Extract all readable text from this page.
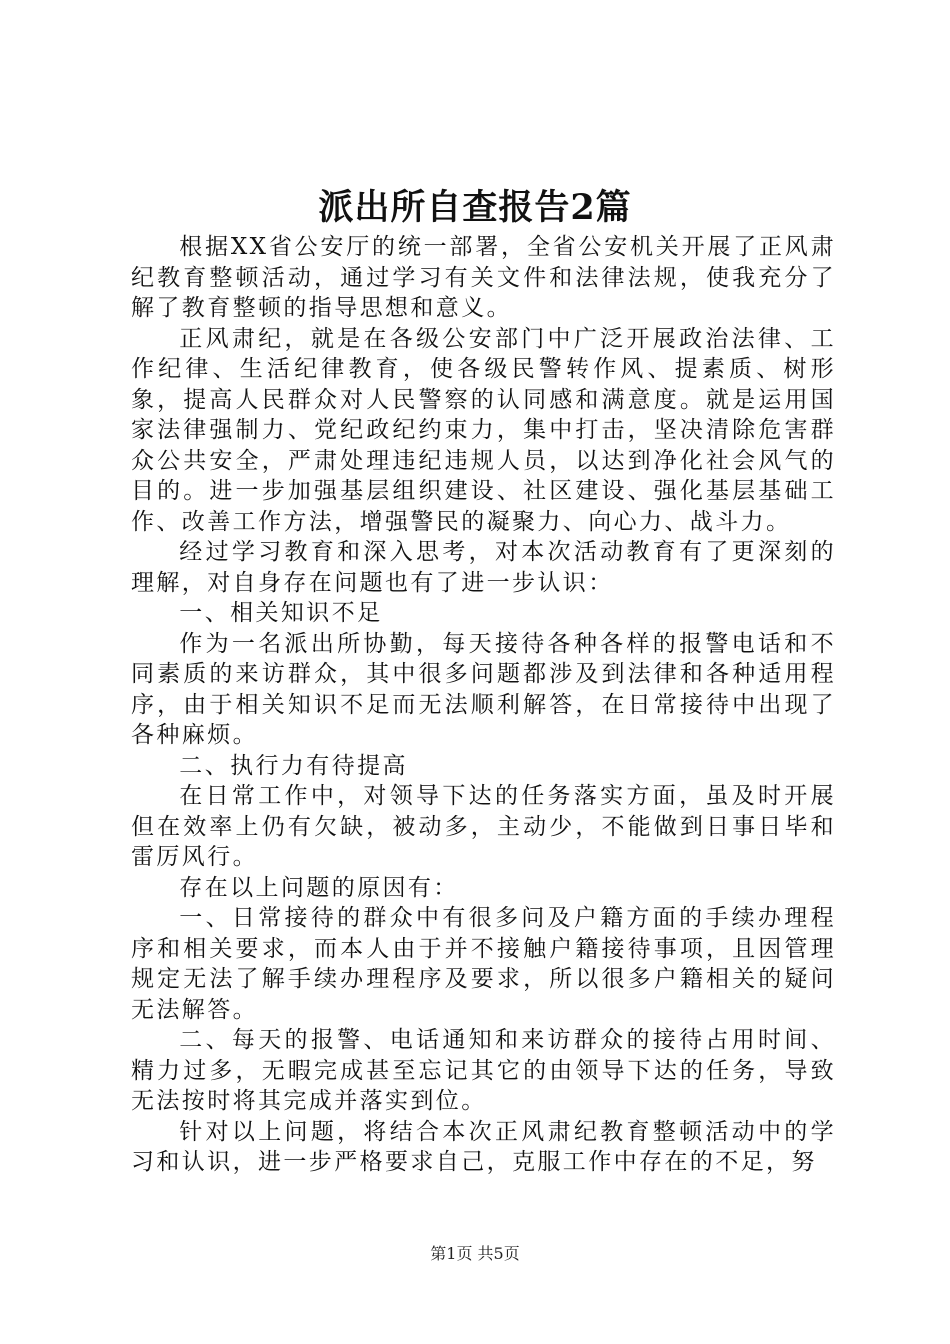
派出所自查报告2篇

根据XX省公安厅的统一部署，全省公安机关开展了正风肃纪教育整顿活动，通过学习有关文件和法律法规，使我充分了解了教育整顿的指导思想和意义。

正风肃纪，就是在各级公安部门中广泛开展政治法律、工作纪律、生活纪律教育，使各级民警转作风、提素质、树形象，提高人民群众对人民警察的认同感和满意度。就是运用国家法律强制力、党纪政纪约束力，集中打击，坚决清除危害群众公共安全，严肃处理违纪违规人员，以达到净化社会风气的目的。进一步加强基层组织建设、社区建设、强化基层基础工作、改善工作方法，增强警民的凝聚力、向心力、战斗力。

经过学习教育和深入思考，对本次活动教育有了更深刻的理解，对自身存在问题也有了进一步认识：

一、相关知识不足

作为一名派出所协勤，每天接待各种各样的报警电话和不同素质的来访群众，其中很多问题都涉及到法律和各种适用程序，由于相关知识不足而无法顺利解答，在日常接待中出现了各种麻烦。

二、执行力有待提高

在日常工作中，对领导下达的任务落实方面，虽及时开展但在效率上仍有欠缺，被动多，主动少，不能做到日事日毕和雷厉风行。

存在以上问题的原因有：

一、日常接待的群众中有很多问及户籍方面的手续办理程序和相关要求，而本人由于并不接触户籍接待事项，且因管理规定无法了解手续办理程序及要求，所以很多户籍相关的疑问无法解答。

二、每天的报警、电话通知和来访群众的接待占用时间、精力过多，无暇完成甚至忘记其它的由领导下达的任务，导致无法按时将其完成并落实到位。

针对以上问题，将结合本次正风肃纪教育整顿活动中的学习和认识，进一步严格要求自己，克服工作中存在的不足，努

第1页 共5页
